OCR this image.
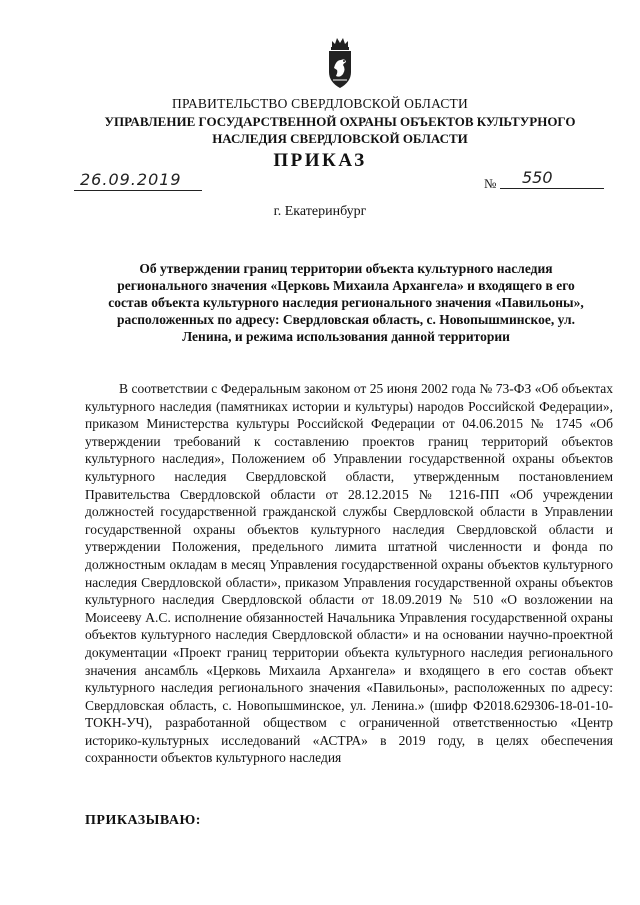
ПРАВИТЕЛЬСТВО СВЕРДЛОВСКОЙ ОБЛАСТИ
УПРАВЛЕНИЕ ГОСУДАРСТВЕННОЙ ОХРАНЫ ОБЪЕКТОВ КУЛЬТУРНОГО НАСЛЕДИЯ СВЕРДЛОВСКОЙ ОБЛАСТИ
ПРИКАЗ
26.09.2019	№	550
г. Екатеринбург
Об утверждении границ территории объекта культурного наследия регионального значения «Церковь Михаила Архангела» и входящего в его состав объекта культурного наследия регионального значения «Павильоны», расположенных по адресу: Свердловская область, с. Новопышминское, ул. Ленина, и режима использования данной территории

В соответствии с Федеральным законом от 25 июня 2002 года № 73-ФЗ «Об объектах культурного наследия (памятниках истории и культуры) народов Российской Федерации», приказом Министерства культуры Российской Федерации от 04.06.2015 № 1745 «Об утверждении требований к составлению проектов границ территорий объектов культурного наследия», Положением об Управлении государственной охраны объектов культурного наследия Свердловской области, утвержденным постановлением Правительства Свердловской области от 28.12.2015 № 1216-ПП «Об учреждении должностей государственной гражданской службы Свердловской области в Управлении государственной охраны объектов культурного наследия Свердловской области и утверждении Положения, предельного лимита штатной численности и фонда по должностным окладам в месяц Управления государственной охраны объектов культурного наследия Свердловской области», приказом Управления государственной охраны объектов культурного наследия Свердловской области от 18.09.2019 № 510 «О возложении на Моисееву А.С. исполнение обязанностей Начальника Управления государственной охраны объектов культурного наследия Свердловской области» и на основании научно-проектной документации «Проект границ территории объекта культурного наследия регионального значения ансамбль «Церковь Михаила Архангела» и входящего в его состав объект культурного наследия регионального значения «Павильоны», расположенных по адресу: Свердловская область, с. Новопышминское, ул. Ленина.» (шифр Ф2018.629306-18-01-10-ТОКН-УЧ), разработанной обществом с ограниченной ответственностью «Центр историко-культурных исследований «АСТРА» в 2019 году, в целях обеспечения сохранности объектов культурного наследия

ПРИКАЗЫВАЮ:
